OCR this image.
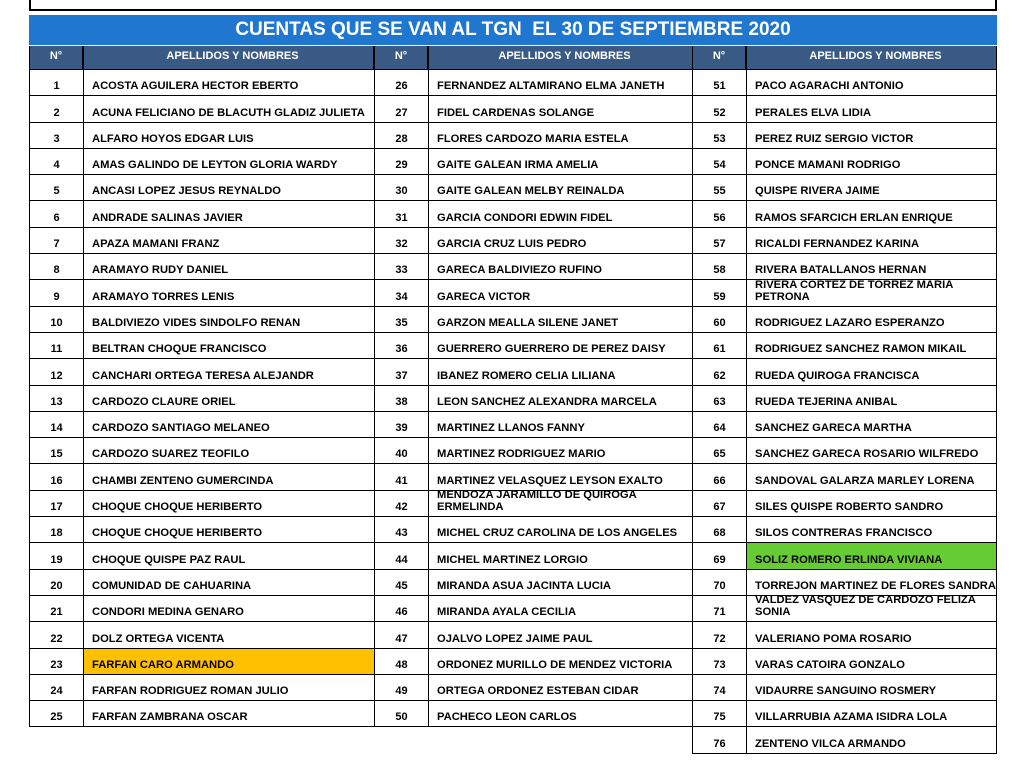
CUENTAS QUE SE VAN AL TGN  EL 30 DE SEPTIEMBRE 2020
N°	APELLIDOS Y NOMBRES
1	ACOSTA AGUILERA HECTOR EBERTO
2	ACUNA FELICIANO DE BLACUTH GLADIZ JULIETA
3	ALFARO HOYOS EDGAR LUIS
4	AMAS GALINDO DE LEYTON GLORIA WARDY
5	ANCASI LOPEZ JESUS REYNALDO
6	ANDRADE SALINAS JAVIER
7	APAZA MAMANI FRANZ
8	ARAMAYO RUDY DANIEL
9	ARAMAYO TORRES LENIS
10	BALDIVIEZO VIDES SINDOLFO RENAN
11	BELTRAN CHOQUE FRANCISCO
12	CANCHARI ORTEGA TERESA ALEJANDR
13	CARDOZO CLAURE ORIEL
14	CARDOZO SANTIAGO MELANEO
15	CARDOZO SUAREZ TEOFILO
16	CHAMBI ZENTENO GUMERCINDA
17	CHOQUE CHOQUE HERIBERTO
18	CHOQUE CHOQUE HERIBERTO
19	CHOQUE QUISPE PAZ RAUL
20	COMUNIDAD DE CAHUARINA
21	CONDORI MEDINA GENARO
22	DOLZ ORTEGA VICENTA
23	FARFAN CARO ARMANDO
24	FARFAN RODRIGUEZ ROMAN JULIO
25	FARFAN ZAMBRANA OSCAR
N°	APELLIDOS Y NOMBRES
26	FERNANDEZ ALTAMIRANO ELMA JANETH
27	FIDEL CARDENAS SOLANGE
28	FLORES CARDOZO MARIA ESTELA
29	GAITE GALEAN IRMA AMELIA
30	GAITE GALEAN MELBY REINALDA
31	GARCIA CONDORI EDWIN FIDEL
32	GARCIA CRUZ LUIS PEDRO
33	GARECA BALDIVIEZO RUFINO
34	GARECA VICTOR
35	GARZON MEALLA SILENE JANET
36	GUERRERO GUERRERO DE PEREZ DAISY
37	IBANEZ ROMERO CELIA LILIANA
38	LEON SANCHEZ ALEXANDRA MARCELA
39	MARTINEZ LLANOS FANNY
40	MARTINEZ RODRIGUEZ MARIO
41	MARTINEZ VELASQUEZ LEYSON EXALTO
42
MENDOZA JARAMILLO DE QUIROGA ERMELINDA
43	MICHEL CRUZ CAROLINA DE LOS ANGELES
44	MICHEL MARTINEZ LORGIO
45	MIRANDA ASUA JACINTA LUCIA
46	MIRANDA AYALA CECILIA
47	OJALVO LOPEZ JAIME PAUL
48	ORDONEZ MURILLO DE MENDEZ VICTORIA
49	ORTEGA ORDONEZ ESTEBAN CIDAR
50	PACHECO LEON CARLOS
N°	APELLIDOS Y NOMBRES
51	PACO AGARACHI ANTONIO
52	PERALES ELVA LIDIA
53	PEREZ RUIZ SERGIO VICTOR
54	PONCE MAMANI RODRIGO
55	QUISPE RIVERA JAIME
56	RAMOS SFARCICH ERLAN ENRIQUE
57	RICALDI FERNANDEZ KARINA
58	RIVERA BATALLANOS HERNAN
59
RIVERA CORTEZ DE TORREZ MARIA PETRONA
60	RODRIGUEZ LAZARO ESPERANZO
61	RODRIGUEZ SANCHEZ RAMON MIKAIL
62	RUEDA QUIROGA FRANCISCA
63	RUEDA TEJERINA ANIBAL
64	SANCHEZ GARECA MARTHA
65	SANCHEZ GARECA ROSARIO WILFREDO
66	SANDOVAL GALARZA MARLEY LORENA
67	SILES QUISPE ROBERTO SANDRO
68	SILOS CONTRERAS FRANCISCO
69	SOLIZ ROMERO ERLINDA VIVIANA
70	TORREJON MARTINEZ DE FLORES SANDRA
71
VALDEZ VASQUEZ DE CARDOZO FELIZA SONIA
72	VALERIANO POMA ROSARIO
73	VARAS CATOIRA GONZALO
74	VIDAURRE SANGUINO ROSMERY
75	VILLARRUBIA AZAMA ISIDRA LOLA
76	ZENTENO VILCA ARMANDO
